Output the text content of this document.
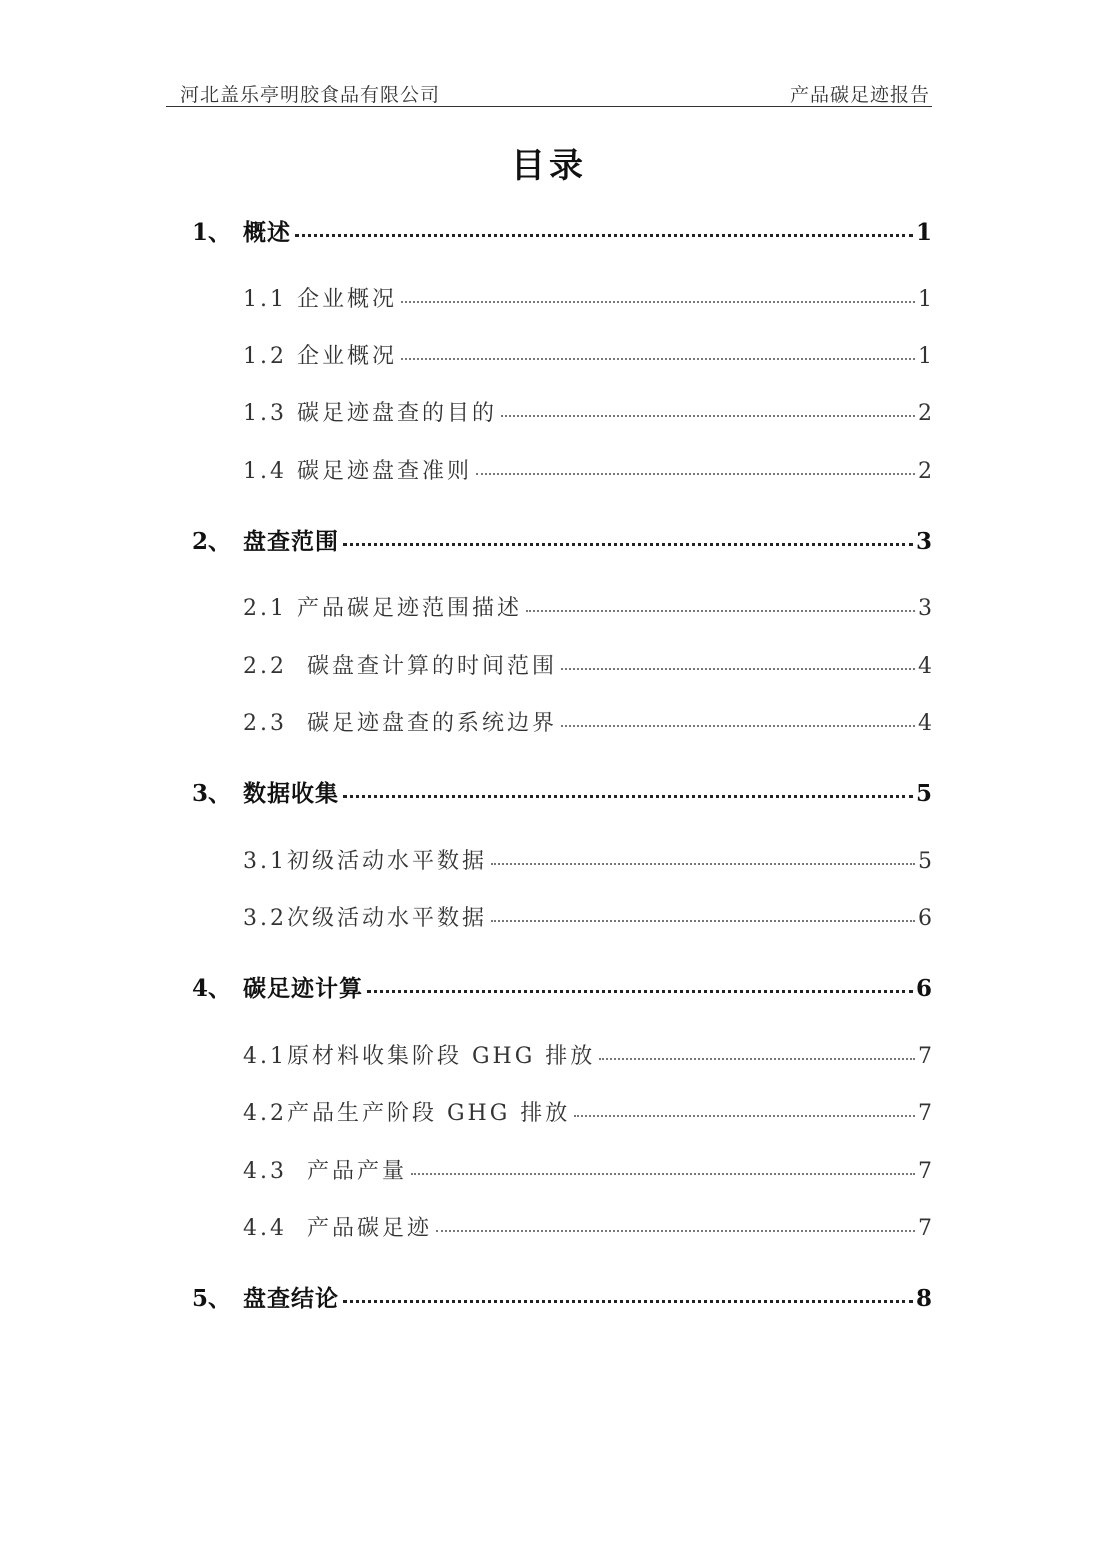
河北盖乐亭明胶食品有限公司	产品碳足迹报告
目录
1、 概述	1
1.1 企业概况	1
1.2 企业概况	1
1.3 碳足迹盘查的目的	2
1.4 碳足迹盘查准则	2
2、 盘查范围	3
2.1 产品碳足迹范围描述	3
2.2  碳盘查计算的时间范围	4
2.3  碳足迹盘查的系统边界	4
3、 数据收集	5
3.1初级活动水平数据	5
3.2次级活动水平数据	6
4、 碳足迹计算	6
4.1原材料收集阶段 GHG 排放	7
4.2产品生产阶段 GHG 排放	7
4.3  产品产量	7
4.4  产品碳足迹	7
5、 盘查结论	8
